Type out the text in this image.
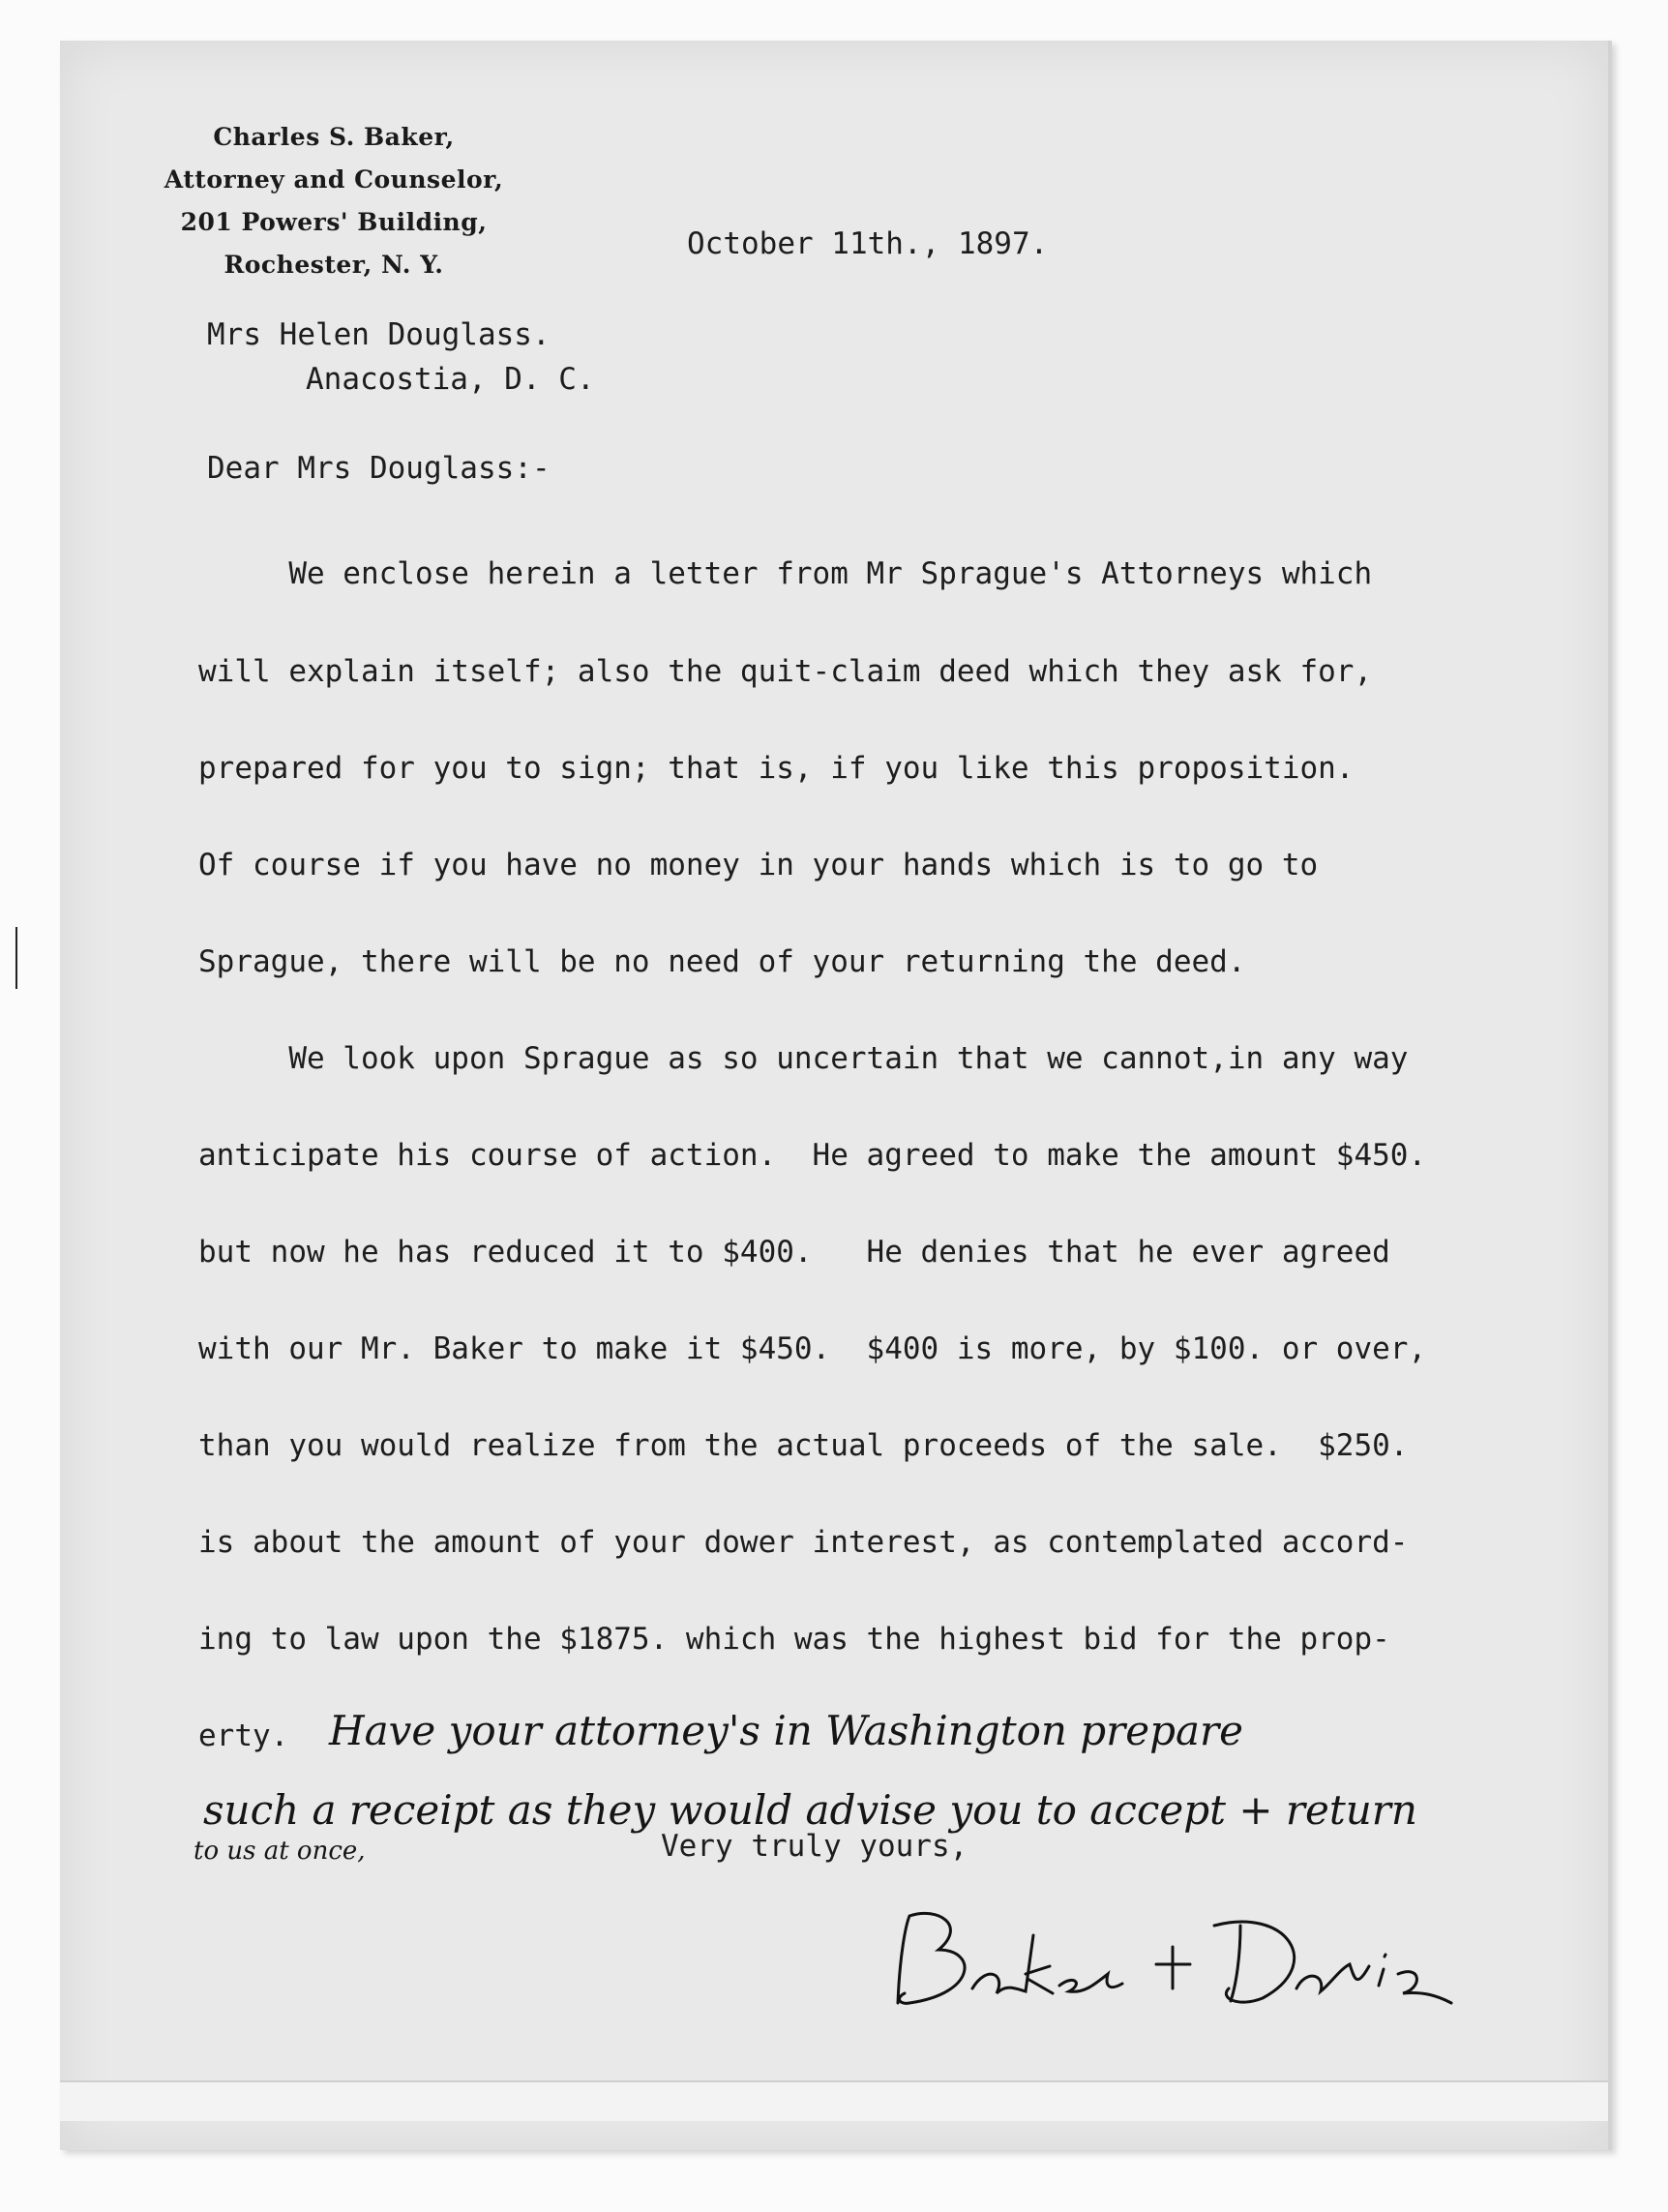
Charles S. Baker,
Attorney and Counselor,
201 Powers' Building,
Rochester, N. Y.
October 11th., 1897.
Mrs Helen Douglass.
Anacostia, D. C.
Dear Mrs Douglass:-
We enclose herein a letter from Mr Sprague's Attorneys which
will explain itself; also the quit-claim deed which they ask for,
prepared for you to sign; that is, if you like this proposition.
Of course if you have no money in your hands which is to go to
Sprague, there will be no need of your returning the deed.
We look upon Sprague as so uncertain that we cannot,in any way
anticipate his course of action.  He agreed to make the amount $450.
but now he has reduced it to $400.   He denies that he ever agreed
with our Mr. Baker to make it $450.  $400 is more, by $100. or over,
than you would realize from the actual proceeds of the sale.  $250.
is about the amount of your dower interest, as contemplated accord-
ing to law upon the $1875. which was the highest bid for the prop-
erty. Have your attorney's in Washington prepare
such a receipt as they would advise you to accept + return
to us at once,	Very truly yours,
Baker + Davis
